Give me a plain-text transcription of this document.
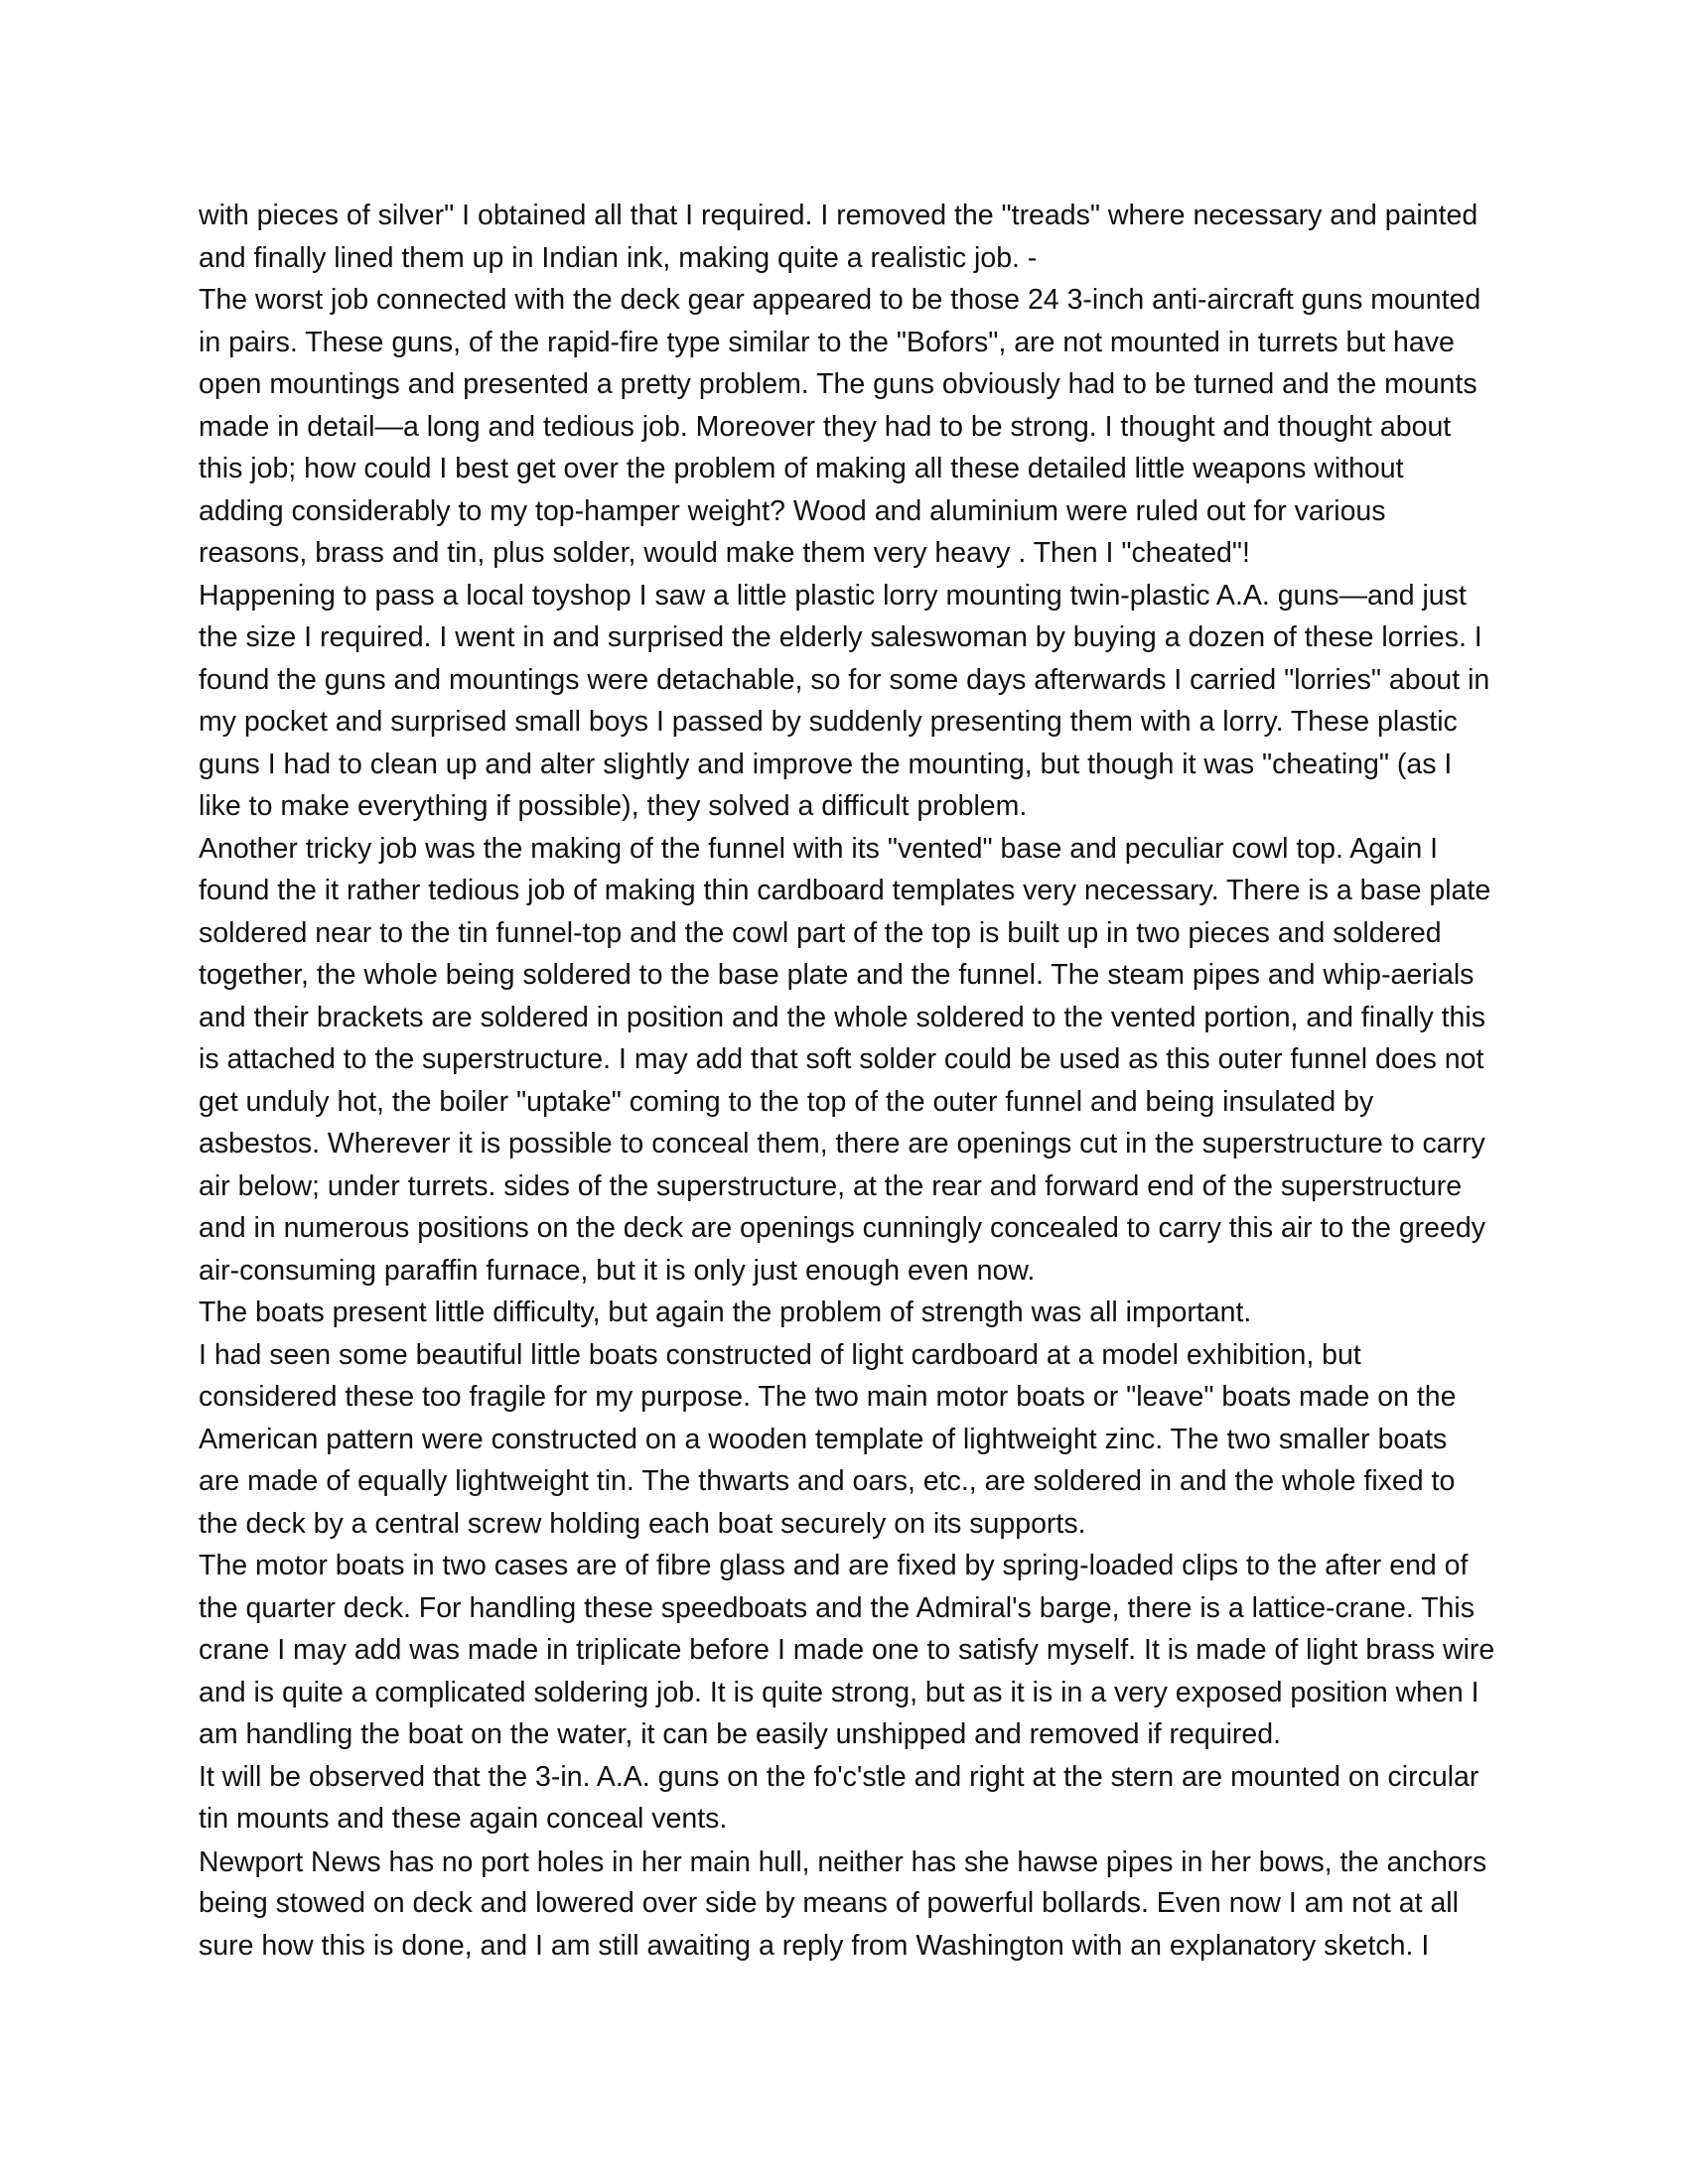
with pieces of silver" I obtained all that I required. I removed the "treads" where necessary and painted
and finally lined them up in Indian ink, making quite a realistic job. -
The worst job connected with the deck gear appeared to be those 24 3-inch anti-aircraft guns mounted
in pairs. These guns, of the rapid-fire type similar to the "Bofors", are not mounted in turrets but have
open mountings and presented a pretty problem. The guns obviously had to be turned and the mounts
made in detail—a long and tedious job. Moreover they had to be strong. I thought and thought about
this job; how could I best get over the problem of making all these detailed little weapons without
adding considerably to my top-hamper weight? Wood and aluminium were ruled out for various
reasons, brass and tin, plus solder, would make them very heavy . Then I "cheated"!
Happening to pass a local toyshop I saw a little plastic lorry mounting twin-plastic A.A. guns—and just
the size I required. I went in and surprised the elderly saleswoman by buying a dozen of these lorries. I
found the guns and mountings were detachable, so for some days afterwards I carried "lorries" about in
my pocket and surprised small boys I passed by suddenly presenting them with a lorry. These plastic
guns I had to clean up and alter slightly and improve the mounting, but though it was "cheating" (as I
like to make everything if possible), they solved a difficult problem.
Another tricky job was the making of the funnel with its "vented" base and peculiar cowl top. Again I
found the it rather tedious job of making thin cardboard templates very necessary. There is a base plate
soldered near to the tin funnel-top and the cowl part of the top is built up in two pieces and soldered
together, the whole being soldered to the base plate and the funnel. The steam pipes and whip-aerials
and their brackets are soldered in position and the whole soldered to the vented portion, and finally this
is attached to the superstructure. I may add that soft solder could be used as this outer funnel does not
get unduly hot, the boiler "uptake" coming to the top of the outer funnel and being insulated by
asbestos. Wherever it is possible to conceal them, there are openings cut in the superstructure to carry
air below; under turrets. sides of the superstructure, at the rear and forward end of the superstructure
and in numerous positions on the deck are openings cunningly concealed to carry this air to the greedy
air-consuming paraffin furnace, but it is only just enough even now.
The boats present little difficulty, but again the problem of strength was all important.
I had seen some beautiful little boats constructed of light cardboard at a model exhibition, but
considered these too fragile for my purpose. The two main motor boats or "leave" boats made on the
American pattern were constructed on a wooden template of lightweight zinc. The two smaller boats
are made of equally lightweight tin. The thwarts and oars, etc., are soldered in and the whole fixed to
the deck by a central screw holding each boat securely on its supports.
The motor boats in two cases are of fibre glass and are fixed by spring-loaded clips to the after end of
the quarter deck. For handling these speedboats and the Admiral's barge, there is a lattice-crane. This
crane I may add was made in triplicate before I made one to satisfy myself. It is made of light brass wire
and is quite a complicated soldering job. It is quite strong, but as it is in a very exposed position when I
am handling the boat on the water, it can be easily unshipped and removed if required.
It will be observed that the 3-in. A.A. guns on the fo'c'stle and right at the stern are mounted on circular
tin mounts and these again conceal vents.
Newport News has no port holes in her main hull, neither has she hawse pipes in her bows, the anchors
being stowed on deck and lowered over side by means of powerful bollards. Even now I am not at all
sure how this is done, and I am still awaiting a reply from Washington with an explanatory sketch. I
